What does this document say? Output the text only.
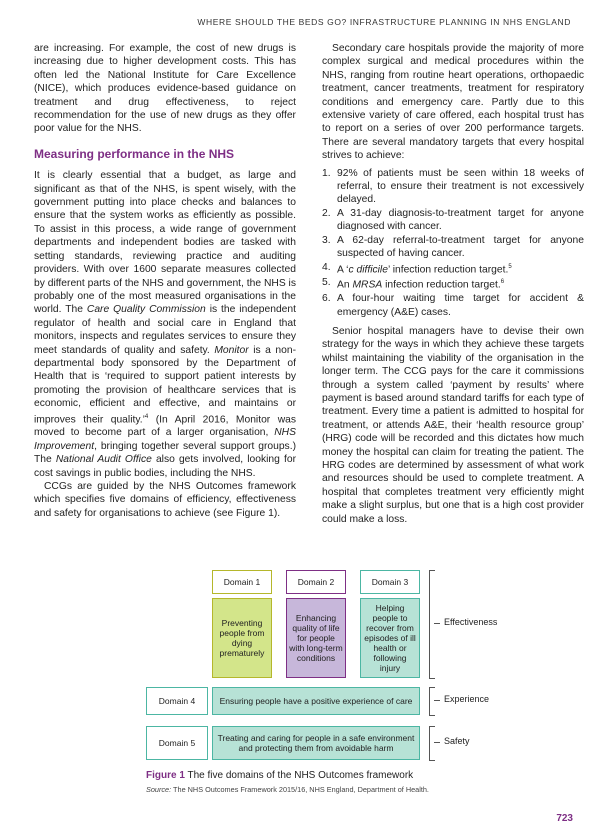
WHERE SHOULD THE BEDS GO? INFRASTRUCTURE PLANNING IN NHS ENGLAND

are increasing. For example, the cost of new drugs is increasing due to higher development costs. This has often led the National Institute for Care Excellence (NICE), which produces evidence-based guidance on treatment and drug effectiveness, to reject recommendation for the use of new drugs as they offer poor value for the NHS.

Measuring performance in the NHS

It is clearly essential that a budget, as large and significant as that of the NHS, is spent wisely, with the government putting into place checks and balances to ensure that the system works as efficiently as possible. To assist in this process, a wide range of government departments and independent bodies are tasked with setting standards, reviewing practice and auditing providers. With over 1600 separate measures collected by different parts of the NHS and government, the NHS is probably one of the most measured organisations in the world. The Care Quality Commission is the independent regulator of health and social care in England that monitors, inspects and regulates services to ensure they meet standards of quality and safety. Monitor is a non-departmental body sponsored by the Department of Health that is ‘required to support patient interests by promoting the provision of healthcare services that is economic, efficient and effective, and maintains or improves their quality.’$^4$ (In April 2016, Monitor was moved to become part of a larger organisation, NHS Improvement, bringing together several support groups.) The National Audit Office also gets involved, looking for cost savings in public bodies, including the NHS.

CCGs are guided by the NHS Outcomes framework which specifies five domains of efficiency, effectiveness and safety for organisations to achieve (see Figure 1).

Secondary care hospitals provide the majority of more complex surgical and medical procedures within the NHS, ranging from routine heart operations, orthopaedic treatment, cancer treatments, treatment for respiratory conditions and emergency care. Partly due to this extensive variety of care offered, each hospital trust has to report on a series of over 200 performance targets. There are several mandatory targets that every hospital strives to achieve:

1. 92% of patients must be seen within 18 weeks of referral, to ensure their treatment is not excessively delayed.
2. A 31-day diagnosis-to-treatment target for anyone diagnosed with cancer.
3. A 62-day referral-to-treatment target for anyone suspected of having cancer.
4. A ‘c difficile’ infection reduction target.$^5$
5. An MRSA infection reduction target.$^6$
6. A four-hour waiting time target for accident & emergency (A&E) cases.

Senior hospital managers have to devise their own strategy for the ways in which they achieve these targets whilst maintaining the viability of the organisation in the longer term. The CCG pays for the care it commissions through a system called ‘payment by results’ where payment is based around standard tariffs for each type of treatment. Every time a patient is admitted to hospital for treatment, or attends A&E, their ‘health resource group’ (HRG) code will be recorded and this dictates how much money the hospital can claim for treating the patient. The HRG codes are determined by assessment of what work and resources should be used to complete treatment. A hospital that completes treatment very efficiently might make a slight surplus, but one that is a high cost provider could make a loss.

Domain 1
Preventing people from dying prematurely
Domain 2
Enhancing quality of life for people with long-term conditions
Domain 3
Helping people to recover from episodes of ill health or following injury
Domain 4	Ensuring people have a positive experience of care
Domain 5	Treating and caring for people in a safe environment and protecting them from avoidable harm
Effectiveness
Experience
Safety
Figure 1 The five domains of the NHS Outcomes framework
Source: The NHS Outcomes Framework 2015/16, NHS England, Department of Health.
723
